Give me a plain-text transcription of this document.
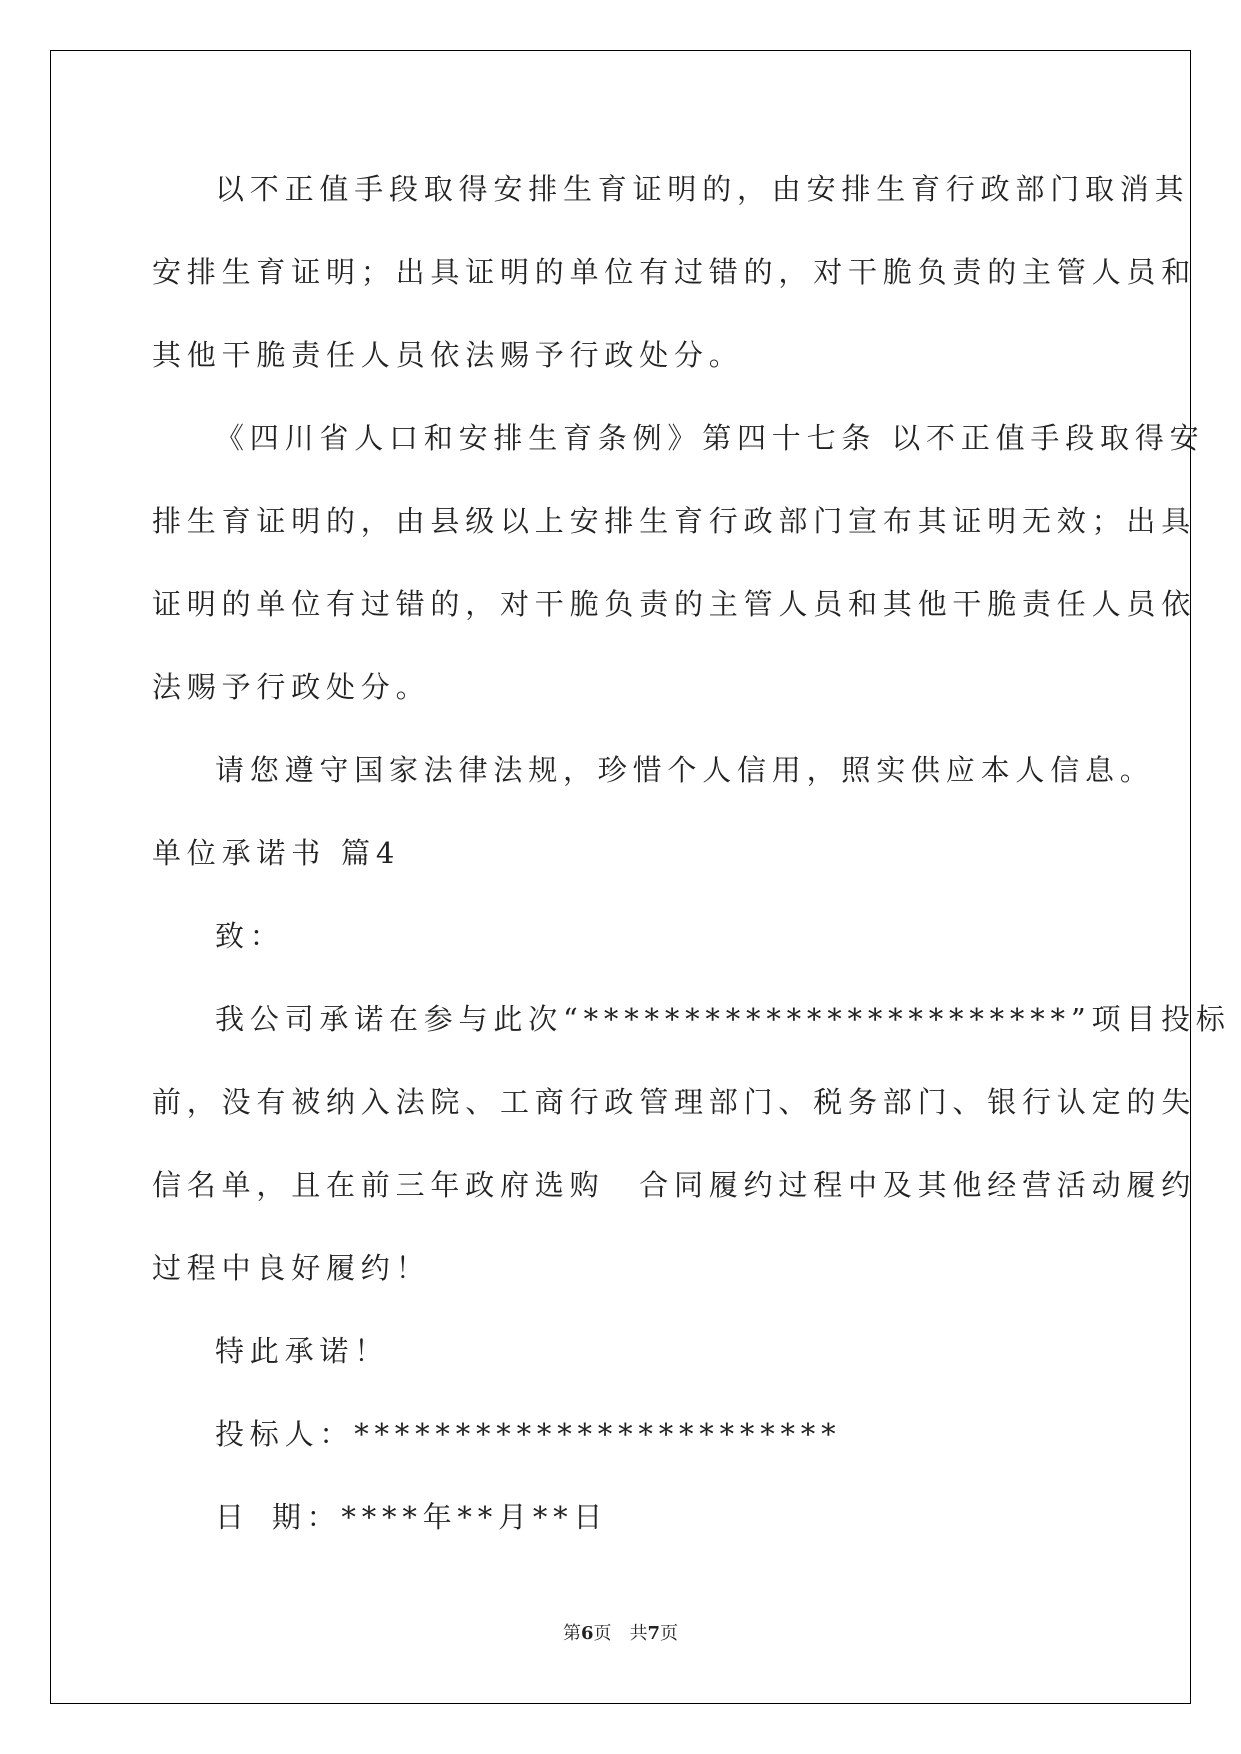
以不正值手段取得安排生育证明的，由安排生育行政部门取消其
安排生育证明；出具证明的单位有过错的，对干脆负责的主管人员和
其他干脆责任人员依法赐予行政处分。
《四川省人口和安排生育条例》第四十七条 以不正值手段取得安
排生育证明的，由县级以上安排生育行政部门宣布其证明无效；出具
证明的单位有过错的，对干脆负责的主管人员和其他干脆责任人员依
法赐予行政处分。
请您遵守国家法律法规，珍惜个人信用，照实供应本人信息。
单位承诺书 篇4
致：
我公司承诺在参与此次“************************”项目投标
前，没有被纳入法院、工商行政管理部门、税务部门、银行认定的失
信名单，且在前三年政府选购　合同履约过程中及其他经营活动履约
过程中良好履约！
特此承诺！
投标人：************************
日 期：****年**月**日
第6页　共7页
